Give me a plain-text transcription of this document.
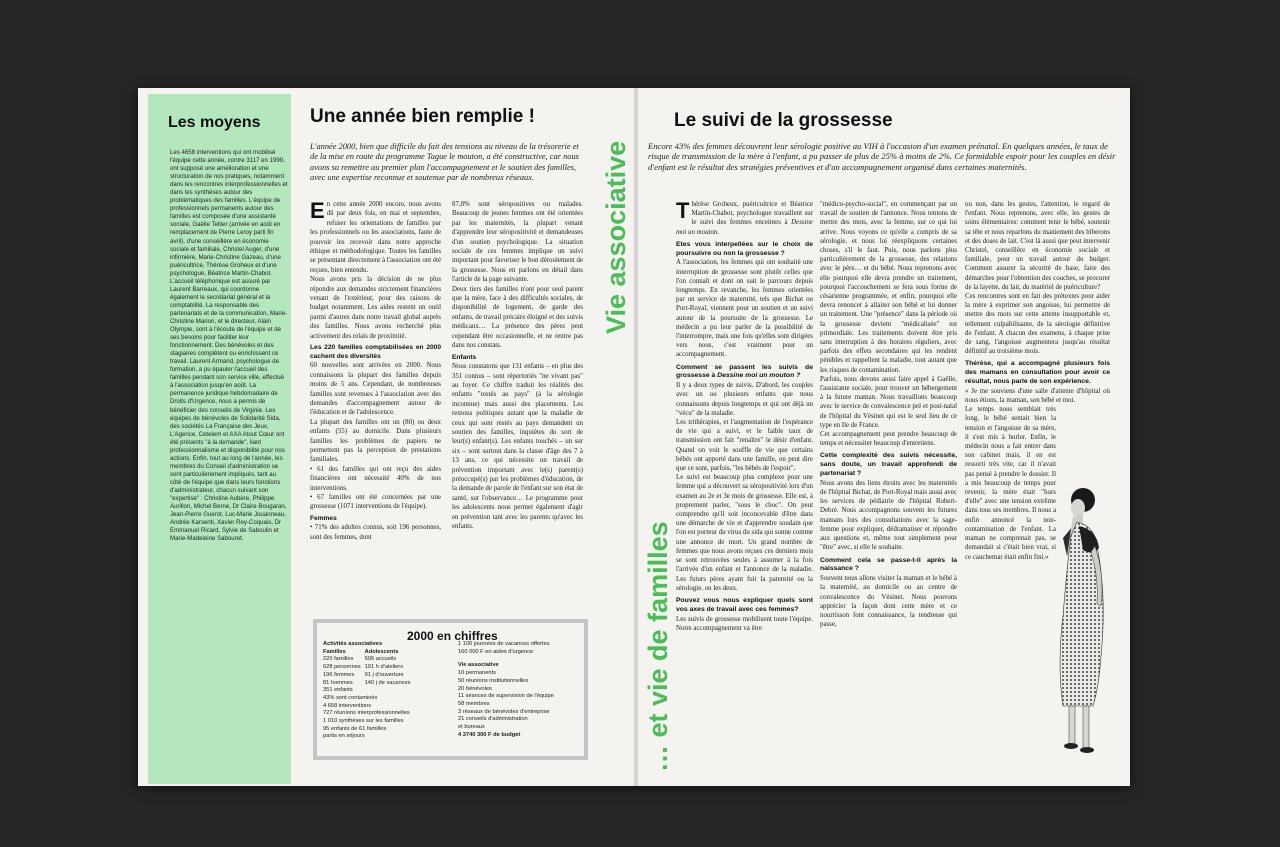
Les moyens

Les 4658 interventions qui ont mobilisé l'équipe cette année, contre 3117 en 1999, ont supposé une amélioration et une structuration de nos pratiques, notamment dans les rencontres interprofessionnelles et dans les synthèses autour des problématiques des familles. L'équipe de professionnels permanents autour des familles est composée d'une assistante sociale, Gaëlle Tellier (arrivée en août en remplacement de Pierre Leroy parti fin avril), d'une conseillère en économie sociale et familiale, Christel Auger, d'une infirmière, Marie-Christine Gazeau, d'une puéricultrice, Thérèse Groheux et d'une psychologue, Béatrice Martin-Chabot. L'accueil téléphonique est assuré par Laurent Barreaux, qui coordonne également le secrétariat général et la comptabilité. La responsable des partenariats et de la communication, Marie-Christine Marion, et le directeur, Alain Olympie, sont à l'écoute de l'équipe et de ses besoins pour faciliter leur fonctionnement. Des bénévoles et des stagiaires complètent ou enrichissent ce travail. Laurent Armand, psychologue de formation, a pu épauler l'accueil des familles pendant son service ville, effectué à l'association jusqu'en août. La permanence juridique hebdomadaire de Droits d'Urgence, nous a permis de bénéficier des conseils de Virginie. Les équipes de bénévoles de Solidarité Sida, des sociétés La Française des Jeux, L'Agence, Cetelem et AXA Atout Cœur ont été présents "à la demande", liant professionnalisme et disponibilité pour nos actions. Enfin, tout au long de l'année, les membres du Conseil d'administration se sont particulièrement impliqués, tant au côté de l'équipe que dans leurs fonctions d'administrateur, chacun suivant son "expertise" : Christine Aubère, Philippe Aurillon, Michel Berne, Dr Claire Bougaran, Jean-Pierre Guerot, Luc-Marie Jouanneau, Andrée Karsenti, Xavier Rey-Coquais, Dr Emmanuel Ricard, Sylvie de Saboulin et Marie-Madeleine Sabouret.

Une année bien remplie !
L'année 2000, bien que difficile du fait des tensions au niveau de la trésorerie et de la mise en route du programme Tague le mouton, a été constructive, car nous avons su remettre au premier plan l'accompagnement et le soutien des familles, avec une expertise reconnue et soutenue par de nombreux réseaux.

En cette année 2000 encore, nous avons dû par deux fois, en mai et septembre, refuser les orientations de familles par les professionnels ou les associations, faute de pouvoir les recevoir dans notre approche éthique et méthodologique. Toutes les familles se présentant directement à l'association ont été reçues, bien entendu.

Nous avons pris la décision de ne plus répondre aux demandes strictement financières venant de l'extérieur, pour des raisons de budget notamment. Les aides restent un outil parmi d'autres dans notre travail global auprès des familles. Nous avons recherché plus activement des relais de proximité.

Les 220 familles comptabilisées en 2000 cachent des diversités

60 nouvelles sont arrivées en 2000. Nous connaissons la plupart des familles depuis moins de 5 ans. Cependant, de nombreuses familles sont revenues à l'association avec des demandes d'accompagnement autour de l'éducation et de l'adolescence.

La plupart des familles ont un (80) ou deux enfants (55) au domicile. Dans plusieurs familles les problèmes de papiers ne permettent pas la perception de prestations familiales.

• 61 des familles qui ont reçu des aides financières ont nécessité 40% de nos interventions.

• 67 familles ont été concernées par une grossesse (1071 interventions de l'équipe).

Femmes

• 71% des adultes connus, soit 196 personnes, sont des femmes, dont

87,8% sont séropositives ou malades. Beaucoup de jeunes femmes ont été orientées par les maternités, la plupart venant d'apprendre leur séropositivité et demandeuses d'un soutien psychologique. La situation sociale de ces femmes implique un suivi important pour favoriser le bon déroulement de la grossesse. Nous en parlons en détail dans l'article de la page suivante.

Deux tiers des familles n'ont pour seul parent que la mère, face à des difficultés sociales, de disponibilité de logement, de garde des enfants, de travail précaire éloigné et des suivis médicaux… La présence des pères peut cependant être occasionnelle, et ne rentre pas dans nos constats.

Enfants

Nous constatons que 131 enfants – en plus des 351 connus – sont répertoriés "ne vivant pas" au foyer. Ce chiffre traduit les réalités des enfants "restés au pays" (à la sérologie inconnue) mais aussi des placements. Les remous politiques autant que la maladie de ceux qui sont restés au pays demandent un soutien des familles, inquiètes du sort de leur(s) enfant(s). Les enfants touchés – un sur six – sont surtout dans la classe d'âge des 7 à 13 ans, ce qui nécessite un travail de prévention important avec le(s) parent(s) préoccupé(s) par les problèmes d'éducation, de la demande de parole de l'enfant sur son état de santé, sur l'observance… Le programme pour les adolescents nous permet également d'agir en prévention tant avec les parents qu'avec les enfants.

2000 en chiffres
Activités associatives
Familles	Adolescents
220 familles	506 accueils
628 personnes	191 h d'ateliers
196 femmes	91 j d'ouverture
81 hommes	140 j de vacances
351 enfants	
43% sont contaminés
4 658 interventions
727 réunions interprofessionnelles
1 010 synthèses sur les familles
95 enfants de 61 familles
partis en séjours
1 106 journées de vacances offertes
160 000 F en aides d'urgence
Vie associative
10 permanents
50 réunions institutionnelles
20 bénévoles
11 séances de supervision de l'équipe
58 membres
3 réseaux de bénévoles d'entreprise
21 conseils d'administration
et bureaux
4 3740 300 F de budget
Vie associative
… et vie de familles
Le suivi de la grossesse
Encore 43% des femmes découvrent leur sérologie positive au VIH à l'occasion d'un examen prénatal. En quelques années, le taux de risque de transmission de la mère à l'enfant, a pu passer de plus de 25% à moins de 2%. Ce formidable espoir pour les couples en désir d'enfant est le résultat des stratégies préventives et d'un accompagnement organisé dans certaines maternités.

Thérèse Groheux, puéricultrice et Béatrice Martin-Chabot, psychologue travaillent sur le suivi des femmes enceintes à Dessine moi un mouton.

Etes vous interpellées sur le choix de poursuivre ou non la grossesse ?

A l'association, les femmes qui ont souhaité une interruption de grossesse sont plutôt celles que l'on connaît et dont on suit le parcours depuis longtemps. En revanche, les femmes orientées par un service de maternité, tels que Bichat ou Port-Royal, viennent pour un soutien et un suivi autour de la poursuite de la grossesse. Le médecin a pu leur parler de la possibilité de l'interrompre, mais une fois qu'elles sont dirigées vers nous, c'est vraiment pour un accompagnement.

Comment se passent les suivis de grossesse à Dessine moi un mouton ?

Il y a deux types de suivis. D'abord, les couples avec un ou plusieurs enfants que nous connaissons depuis longtemps et qui ont déjà un "vécu" de la maladie.

Les trithérapies, et l'augmentation de l'espérance de vie qui a suivi, et le faible taux de transmission ont fait "renaître" le désir d'enfant. Quand on voit le souffle de vie que certains bébés ont apporté dans une famille, on peut dire que ce sont, parfois, "les bébés de l'espoir".

Le suivi est beaucoup plus complexe pour une femme qui a découvert sa séropositivité lors d'un examen au 2e et 3e mois de grossesse. Elle est, à proprement parler, "sous le choc". On peut comprendre qu'il soit inconcevable d'être dans une démarche de vie et d'apprendre soudain que l'on est porteur du virus du sida qui sonne comme une annonce de mort. Un grand nombre de femmes que nous avons reçues ces derniers mois se sont retrouvées seules à assumer à la fois l'arrivée d'un enfant et l'annonce de la maladie. Les futurs pères ayant fuit la paternité ou la sérologie, ou les deux.

Pouvez vous nous expliquer quels sont vos axes de travail avec ces femmes?

Les suivis de grossesse mobilisent toute l'équipe. Notre accompagnement va être

"médico-psycho-social", en commençant par un travail de soutien de l'annonce. Nous tentons de mettre des mots, avec la femme, sur ce qui lui arrive. Nous voyons ce qu'elle a compris de sa sérologie, et nous lui réexpliquons certaines choses, s'il le faut. Puis, nous parlons plus particulièrement de la grossesse, des relations avec le père… et du bébé. Nous reprenons avec elle pourquoi elle devra prendre un traitement, pourquoi l'accouchement se fera sous forme de césarienne programmée, et enfin, pourquoi elle devra renoncer à allaiter son bébé et lui donner un traitement. Une "présence" dans la période où la grossesse devient "médicalisée" est primordiale. Les traitements doivent être pris sans interruption à des horaires réguliers, avec parfois des effets secondaires qui les rendent pénibles et rappellent la maladie, tout autant que les risques de contamination.

Parfois, nous devons aussi faire appel à Gaëlle, l'assistante sociale, pour trouver un hébergement à la future maman. Nous travaillons beaucoup avec le service de convalescence pré et post-natal de l'hôpital du Vésinet qui est le seul lieu de ce type en Ile de France.

Cet accompagnement peut prendre beaucoup de temps et nécessiter beaucoup d'entretiens.

Cette complexité des suivis nécessite, sans doute, un travail approfondi de partenariat ?

Nous avons des liens étroits avec les maternités de l'hôpital Bichat, de Port-Royal mais aussi avec les services de pédiatrie de l'hôpital Robert-Debré. Nous accompagnons souvent les futures mamans lors des consultations avec la sage-femme pour expliquer, dédramatiser et répondre aux questions et, même tout simplement pour "être" avec, si elle le souhaite.

Comment cela se passe-t-il après la naissance ?

Souvent nous allons visiter la maman et le bébé à la maternité, au domicile ou au centre de convalescence du Vésinet. Nous pouvons apprécier la façon dont cette mère et ce nourrisson font connaissance, la tendresse qui passe,

ou non, dans les gestes, l'attention, le regard de l'enfant. Nous reprenons, avec elle, les gestes de soins élémentaires: comment tenir le bébé, soutenir sa tête et nous reparlons du maniement des biberons et des doses de lait. C'est là aussi que peut intervenir Christel, conseillère en économie sociale et familiale, pour un travail autour du budget. Comment assurer la sécurité de base, faire des démarches pour l'obtention des couches, se procurer de la layette, du lait, du matériel de puériculture?

Ces rencontres sont en fait des prétextes pour aider la mère à exprimer son angoisse, lui permettre de mettre des mots sur cette attente insupportable et, tellement culpabilisante, de la sérologie définitive de l'enfant. A chacun des examens, à chaque prise de sang, l'angoisse augmentera jusqu'au résultat définitif au troisième mois.

Thérèse, qui a accompagné plusieurs fois des mamans en consultation pour avoir ce résultat, nous parle de son expérience.

« Je me souviens d'une salle d'attente d'hôpital où nous étions, la maman, son bébé et moi.

Le temps nous semblait très long, le bébé sentait bien la tension et l'angoisse de sa mère, il s'est mis à hurler. Enfin, le médecin nous a fait entrer dans son cabinet mais, il en est ressorti très vite, car il n'avait pas pensé à prendre le dossier. Il a mis beaucoup de temps pour revenir, la mère était "hors d'elle" avec une tension extrême dans tous ses membres. Il nous a enfin annoncé la non-contamination de l'enfant. La maman ne comprenait pas, se demandait si c'était bien vrai, si ce cauchemar était enfin fini.»
